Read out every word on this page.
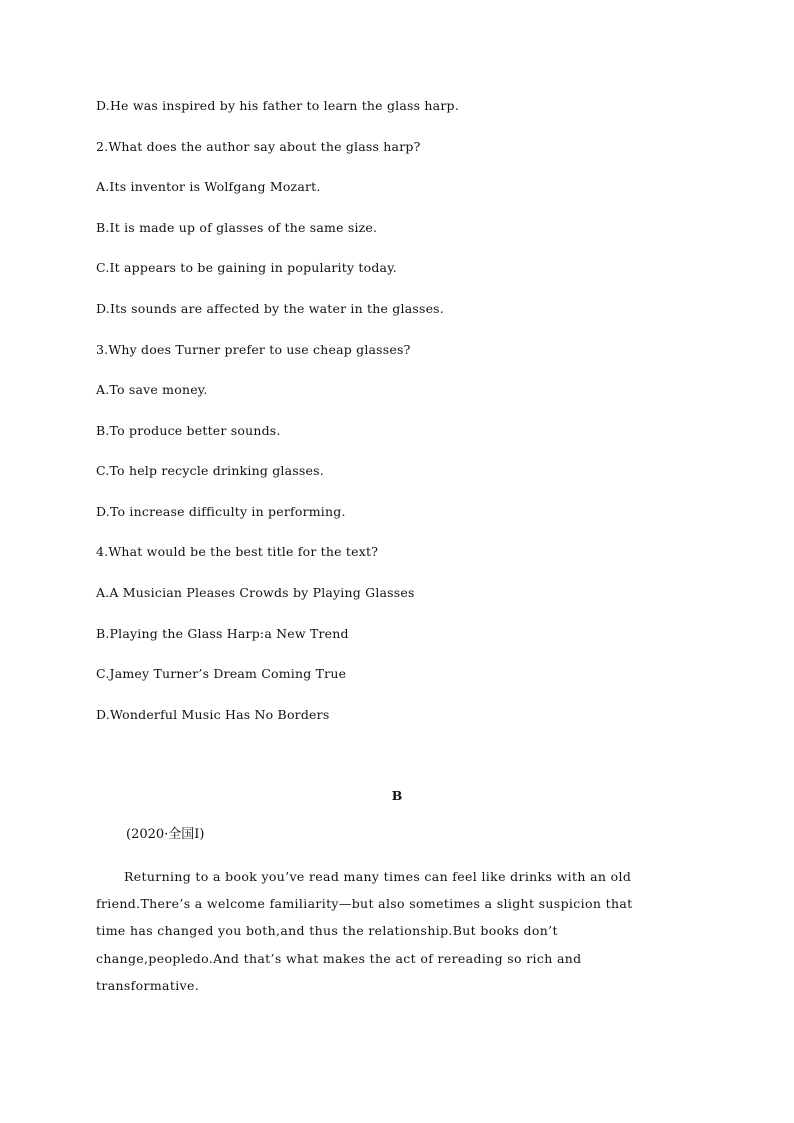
D.He was inspired by his father to learn the glass harp.
2.What does the author say about the glass harp?
A.Its inventor is Wolfgang Mozart.
B.It is made up of glasses of the same size.
C.It appears to be gaining in popularity today.
D.Its sounds are affected by the water in the glasses.
3.Why does Turner prefer to use cheap glasses?
A.To save money.
B.To produce better sounds.
C.To help recycle drinking glasses.
D.To increase difficulty in performing.
4.What would be the best title for the text?
A.A Musician Pleases Crowds by Playing Glasses
B.Playing the Glass Harp:a New Trend
C.Jamey Turner’s Dream Coming True
D.Wonderful Music Has No Borders
B
(2020·全国Ⅰ)
Returning to a book you’ve read many times can feel like drinks with an old
friend.There’s a welcome familiarity—but also sometimes a slight suspicion that
time has changed you both,and thus the relationship.But books don’t
change,peopledo.And that’s what makes the act of rereading so rich and
transformative.
